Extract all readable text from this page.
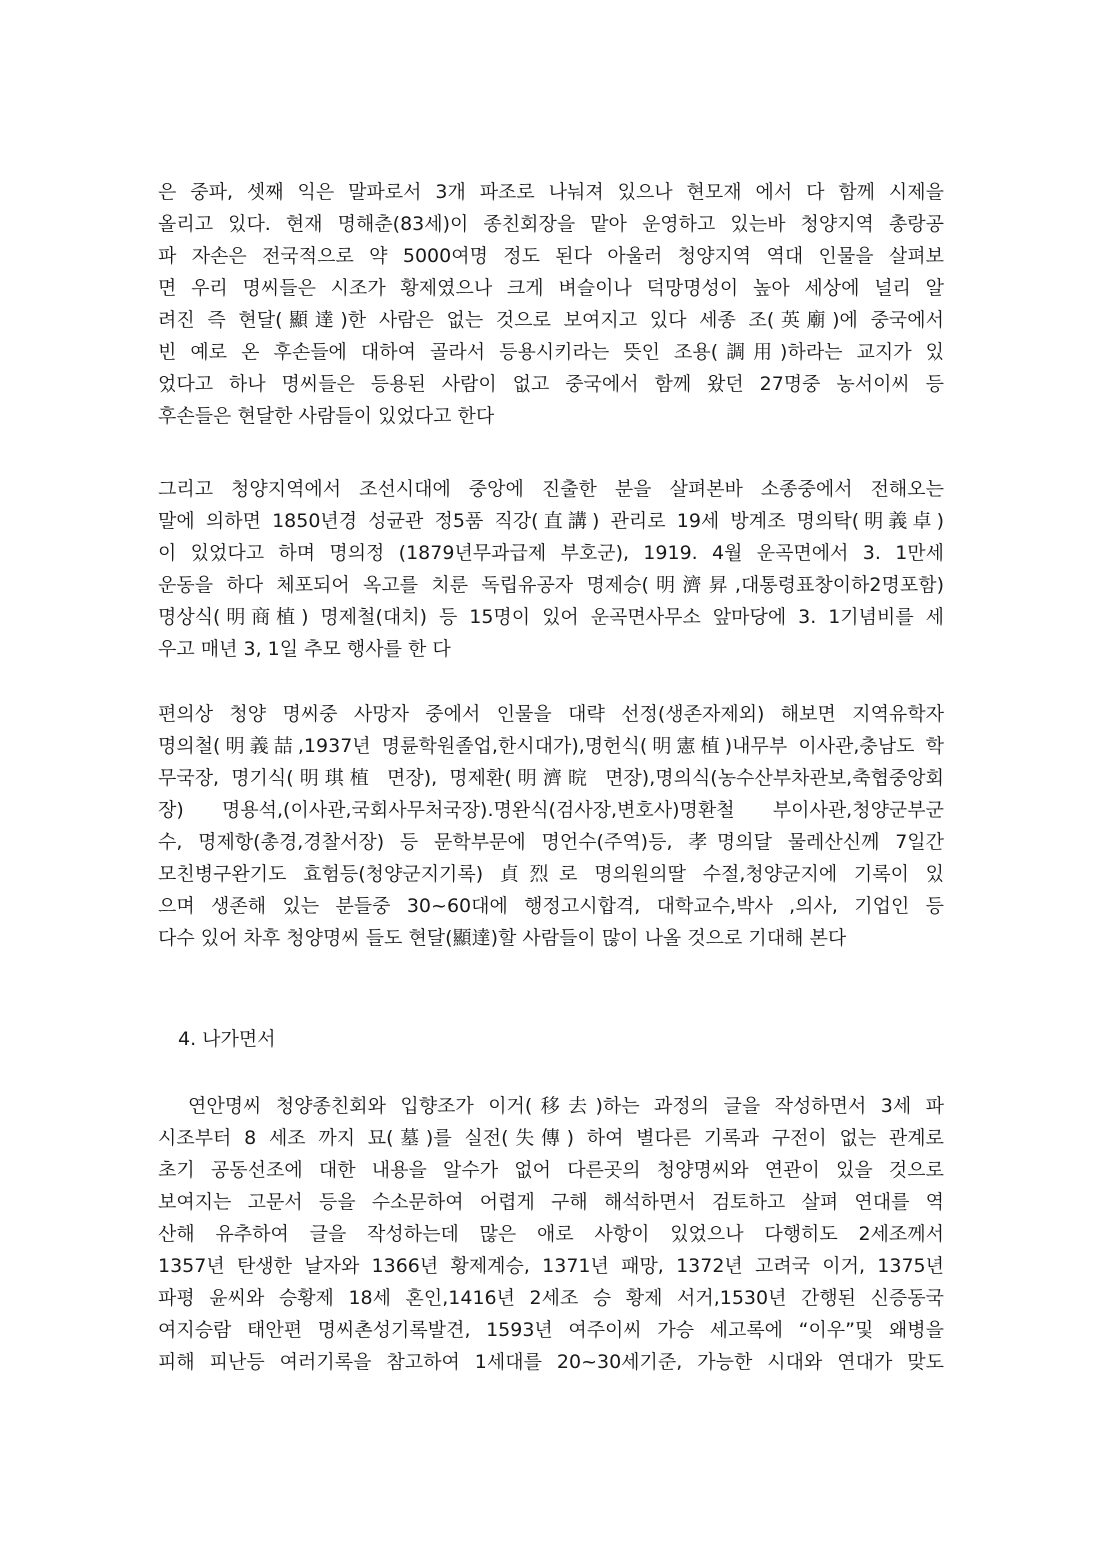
은 중파, 셋째 익은 말파로서 3개 파조로 나눠져 있으나 현모재 에서 다 함께 시제을
올리고 있다. 현재 명해춘(83세)이 종친회장을 맡아 운영하고 있는바 청양지역 총랑공
파 자손은 전국적으로 약 5000여명 정도 된다 아울러 청양지역 역대 인물을 살펴보
면 우리 명씨들은 시조가 황제였으나 크게 벼슬이나 덕망명성이 높아 세상에 널리 알
려진 즉 현달(顯達)한 사람은 없는 것으로 보여지고 있다 세종 조(英廟)에 중국에서
빈 예로 온 후손들에 대하여 골라서 등용시키라는 뜻인 조용(調用)하라는 교지가 있
었다고 하나 명씨들은 등용된 사람이 없고 중국에서 함께 왔던 27명중 농서이씨 등
후손들은 현달한 사람들이 있었다고 한다
그리고 청양지역에서 조선시대에 중앙에 진출한 분을 살펴본바 소종중에서 전해오는
말에 의하면 1850년경 성균관 정5품 직강(直講) 관리로 19세 방계조 명의탁(明義卓)
이 있었다고 하며 명의정 (1879년무과급제 부호군), 1919. 4월 운곡면에서 3. 1만세
운동을 하다 체포되어 옥고를 치룬 독립유공자 명제승(明濟昇,대통령표창이하2명포함)
명상식(明商植) 명제철(대치) 등 15명이 있어 운곡면사무소 앞마당에 3. 1기념비를 세
우고 매년 3, 1일 추모 행사를 한 다
편의상 청양 명씨중 사망자 중에서 인물을 대략 선정(생존자제외) 해보면 지역유학자
명의철(明義喆,1937년 명륜학원졸업,한시대가),명헌식(明憲植)내무부 이사관,충남도 학
무국장, 명기식(明琪植 면장), 명제환(明濟晥 면장),명의식(농수산부차관보,축협중앙회
장) 명용석,(이사관,국회사무처국장).명완식(검사장,변호사)명환철 부이사관,청양군부군
수, 명제항(총경,경찰서장) 등 문학부문에 명언수(주역)등, 孝명의달 물레산신께 7일간
모친병구완기도 효험등(청양군지기록) 貞烈로 명의원의딸 수절,청양군지에 기록이 있
으며 생존해 있는 분들중 30~60대에 행정고시합격, 대학교수,박사 ,의사, 기업인 등
다수 있어 차후 청양명씨 들도 현달(顯達)할 사람들이 많이 나올 것으로 기대해 본다
4. 나가면서
연안명씨 청양종친회와 입향조가 이거(移去)하는 과정의 글을 작성하면서 3세 파
시조부터 8 세조 까지 묘(墓)를 실전(失傳) 하여 별다른 기록과 구전이 없는 관계로
초기 공동선조에 대한 내용을 알수가 없어 다른곳의 청양명씨와 연관이 있을 것으로
보여지는 고문서 등을 수소문하여 어렵게 구해 해석하면서 검토하고 살펴 연대를 역
산해 유추하여 글을 작성하는데 많은 애로 사항이 있었으나 다행히도 2세조께서
1357년 탄생한 날자와 1366년 황제계승, 1371년 패망, 1372년 고려국 이거, 1375년
파평 윤씨와 승황제 18세 혼인,1416년 2세조 승 황제 서거,1530년 간행된 신증동국
여지승람 태안편 명씨촌성기록발견, 1593년 여주이씨 가승 세고록에 “이우”및 왜병을
피해 피난등 여러기록을 참고하여 1세대를 20~30세기준, 가능한 시대와 연대가 맞도
